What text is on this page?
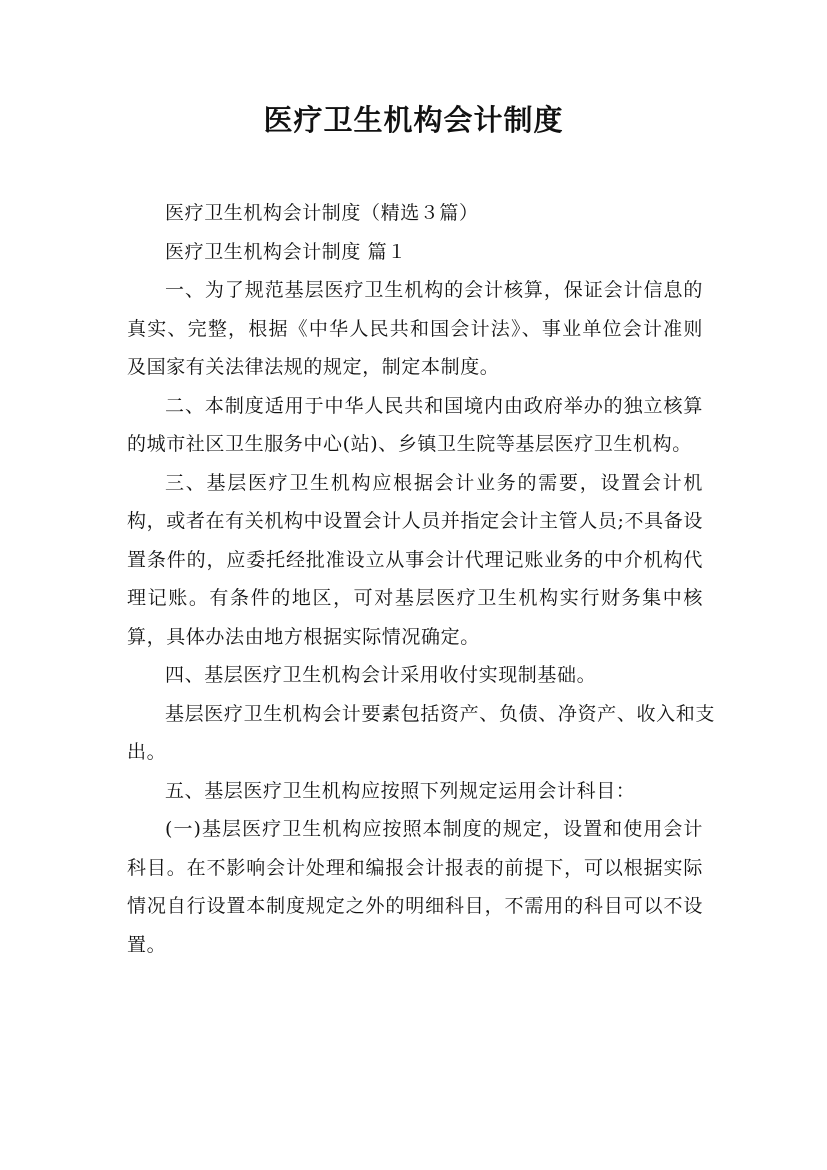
医疗卫生机构会计制度

医疗卫生机构会计制度（精选３篇）

医疗卫生机构会计制度 篇１

一、为了规范基层医疗卫生机构的会计核算，保证会计信息的真实、完整，根据《中华人民共和国会计法》、事业单位会计准则及国家有关法律法规的规定，制定本制度。

二、本制度适用于中华人民共和国境内由政府举办的独立核算的城市社区卫生服务中心(站)、乡镇卫生院等基层医疗卫生机构。

三、基层医疗卫生机构应根据会计业务的需要，设置会计机构，或者在有关机构中设置会计人员并指定会计主管人员;不具备设置条件的，应委托经批准设立从事会计代理记账业务的中介机构代理记账。有条件的地区，可对基层医疗卫生机构实行财务集中核算，具体办法由地方根据实际情况确定。

四、基层医疗卫生机构会计采用收付实现制基础。

基层医疗卫生机构会计要素包括资产、负债、净资产、收入和支出。

五、基层医疗卫生机构应按照下列规定运用会计科目：

(一)基层医疗卫生机构应按照本制度的规定，设置和使用会计科目。在不影响会计处理和编报会计报表的前提下，可以根据实际情况自行设置本制度规定之外的明细科目，不需用的科目可以不设置。
